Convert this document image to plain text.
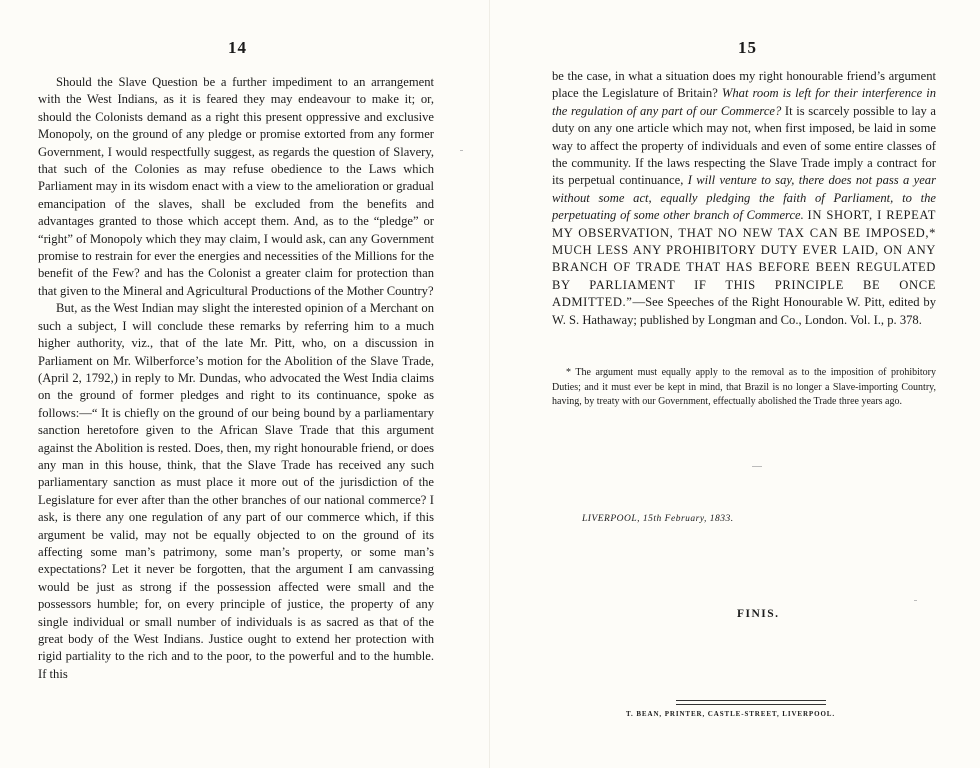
14

Should the Slave Question be a further impediment to an arrangement with the West Indians, as it is feared they may endeavour to make it; or, should the Colonists demand as a right this present oppressive and exclusive Monopoly, on the ground of any pledge or promise extorted from any former Government, I would respectfully suggest, as regards the question of Slavery, that such of the Colonies as may refuse obedience to the Laws which Parliament may in its wisdom enact with a view to the amelioration or gradual emancipation of the slaves, shall be excluded from the benefits and advantages granted to those which accept them. And, as to the “pledge” or “right” of Monopoly which they may claim, I would ask, can any Government promise to restrain for ever the energies and necessities of the Millions for the benefit of the Few? and has the Colonist a greater claim for protection than that given to the Mineral and Agricultural Productions of the Mother Country?

But, as the West Indian may slight the interested opinion of a Merchant on such a subject, I will conclude these remarks by referring him to a much higher authority, viz., that of the late Mr. Pitt, who, on a discussion in Parliament on Mr. Wilberforce’s motion for the Abolition of the Slave Trade, (April 2, 1792,) in reply to Mr. Dundas, who advocated the West India claims on the ground of former pledges and right to its continuance, spoke as follows:—“ It is chiefly on the ground of our being bound by a parliamentary sanction heretofore given to the African Slave Trade that this argument against the Abolition is rested. Does, then, my right honourable friend, or does any man in this house, think, that the Slave Trade has received any such parliamentary sanction as must place it more out of the jurisdiction of the Legislature for ever after than the other branches of our national commerce? I ask, is there any one regulation of any part of our commerce which, if this argument be valid, may not be equally objected to on the ground of its affecting some man’s patrimony, some man’s property, or some man’s expectations? Let it never be forgotten, that the argument I am canvassing would be just as strong if the possession affected were small and the possessors humble; for, on every principle of justice, the property of any single individual or small number of individuals is as sacred as that of the great body of the West Indians. Justice ought to extend her protection with rigid partiality to the rich and to the poor, to the powerful and to the humble. If this

15

be the case, in what a situation does my right honourable friend’s argument place the Legislature of Britain? What room is left for their interference in the regulation of any part of our Commerce? It is scarcely possible to lay a duty on any one article which may not, when first imposed, be laid in some way to affect the property of individuals and even of some entire classes of the community. If the laws respecting the Slave Trade imply a contract for its perpetual continuance, I will venture to say, there does not pass a year without some act, equally pledging the faith of Parliament, to the perpetuating of some other branch of Commerce. IN SHORT, I REPEAT MY OBSERVATION, THAT NO NEW TAX CAN BE IMPOSED,* MUCH LESS ANY PROHIBITORY DUTY EVER LAID, ON ANY BRANCH OF TRADE THAT HAS BEFORE BEEN REGULATED BY PARLIAMENT IF THIS PRINCIPLE BE ONCE ADMITTED.”—See Speeches of the Right Honourable W. Pitt, edited by W. S. Hathaway; published by Longman and Co., London. Vol. I., p. 378.

* The argument must equally apply to the removal as to the imposition of prohibitory Duties; and it must ever be kept in mind, that Brazil is no longer a Slave-importing Country, having, by treaty with our Government, effectually abolished the Trade three years ago.
LIVERPOOL, 15th February, 1833.
FINIS.
T. BEAN, PRINTER, CASTLE-STREET, LIVERPOOL.
